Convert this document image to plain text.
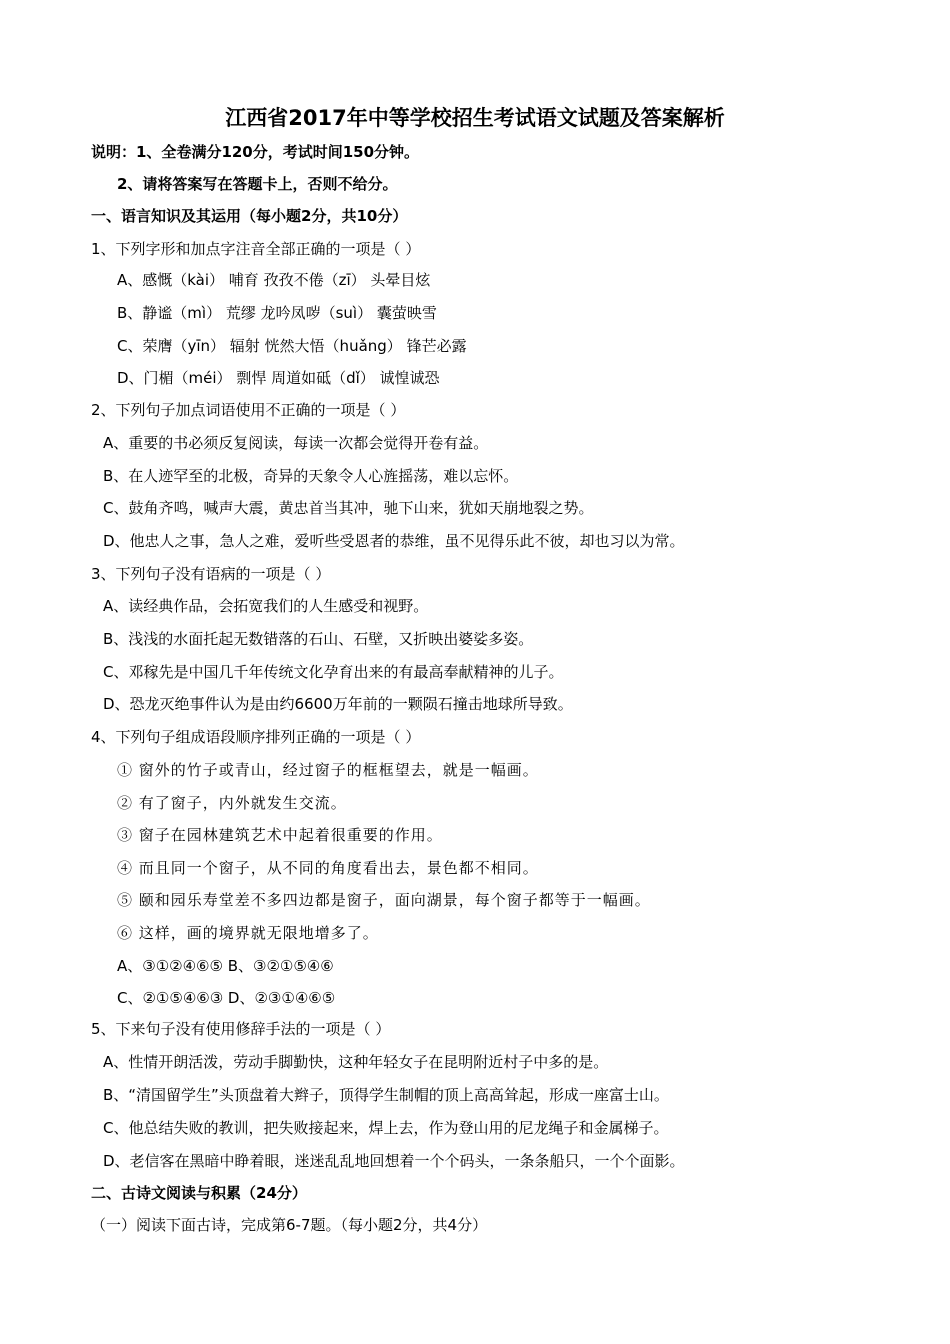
江西省2017年中等学校招生考试语文试题及答案解析
说明：1、全卷满分120分，考试时间150分钟。
2、请将答案写在答题卡上，否则不给分。
一、语言知识及其运用（每小题2分，共10分）
1、下列字形和加点字注音全部正确的一项是（ ）
A、感慨（kài） 哺育 孜孜不倦（zī） 头晕目炫
B、静谧（mì） 荒缪 龙吟凤哕（suì） 囊萤映雪
C、荣膺（yīn） 辐射 恍然大悟（huǎng） 锋芒必露
D、门楣（méi） 剽悍 周道如砥（dǐ） 诚惶诚恐
2、下列句子加点词语使用不正确的一项是（ ）
A、重要的书必须反复阅读，每读一次都会觉得开卷有益。
B、在人迹罕至的北极，奇异的天象令人心旌摇荡，难以忘怀。
C、鼓角齐鸣，喊声大震，黄忠首当其冲，驰下山来，犹如天崩地裂之势。
D、他忠人之事，急人之难，爱听些受恩者的恭维，虽不见得乐此不彼，却也习以为常。
3、下列句子没有语病的一项是（ ）
A、读经典作品，会拓宽我们的人生感受和视野。
B、浅浅的水面托起无数错落的石山、石壁，又折映出婆娑多姿。
C、邓稼先是中国几千年传统文化孕育出来的有最高奉献精神的儿子。
D、恐龙灭绝事件认为是由约6600万年前的一颗陨石撞击地球所导致。
4、下列句子组成语段顺序排列正确的一项是（ ）
① 窗外的竹子或青山，经过窗子的框框望去，就是一幅画。
② 有了窗子，内外就发生交流。
③ 窗子在园林建筑艺术中起着很重要的作用。
④ 而且同一个窗子，从不同的角度看出去，景色都不相同。
⑤ 颐和园乐寿堂差不多四边都是窗子，面向湖景，每个窗子都等于一幅画。
⑥ 这样，画的境界就无限地增多了。
A、③①②④⑥⑤ B、③②①⑤④⑥
C、②①⑤④⑥③ D、②③①④⑥⑤
5、下来句子没有使用修辞手法的一项是（ ）
A、性情开朗活泼，劳动手脚勤快，这种年轻女子在昆明附近村子中多的是。
B、“清国留学生”头顶盘着大辫子，顶得学生制帽的顶上高高耸起，形成一座富士山。
C、他总结失败的教训，把失败接起来，焊上去，作为登山用的尼龙绳子和金属梯子。
D、老信客在黑暗中睁着眼，迷迷乱乱地回想着一个个码头，一条条船只，一个个面影。
二、古诗文阅读与积累（24分）
（一）阅读下面古诗，完成第6-7题。（每小题2分，共4分）
